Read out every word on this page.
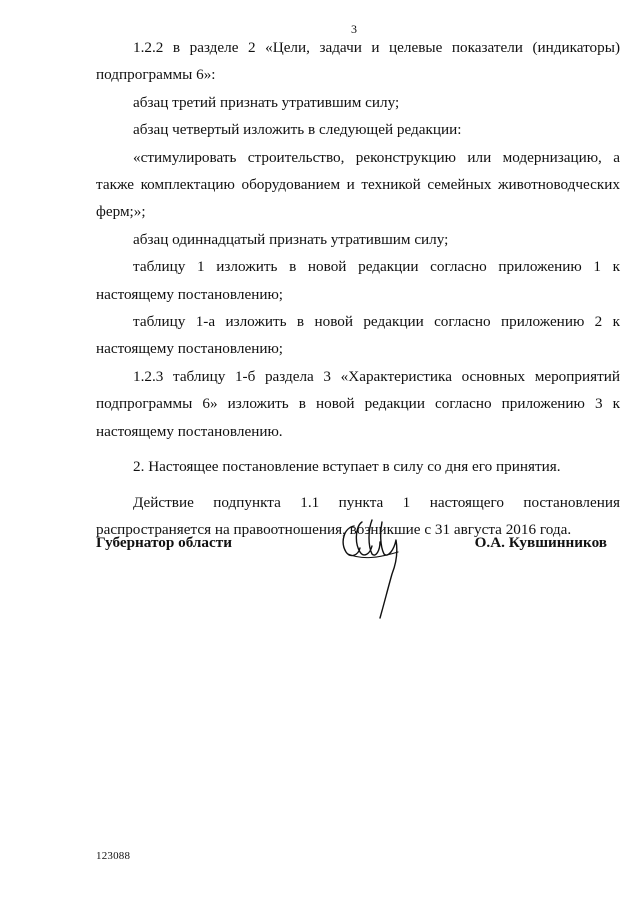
3

1.2.2 в разделе 2 «Цели, задачи и целевые показатели (индикаторы) подпрограммы 6»:

абзац третий признать утратившим силу;

абзац четвертый изложить в следующей редакции:

«стимулировать строительство, реконструкцию или модернизацию, а также комплектацию оборудованием и техникой семейных животноводческих ферм;»;

абзац одиннадцатый признать утратившим силу;

таблицу 1 изложить в новой редакции согласно приложению 1 к настоящему постановлению;

таблицу 1-а изложить в новой редакции согласно приложению 2 к настоящему постановлению;

1.2.3 таблицу 1-б раздела 3 «Характеристика основных мероприятий подпрограммы 6» изложить в новой редакции согласно приложению 3 к настоящему постановлению.

2. Настоящее постановление вступает в силу со дня его принятия.

Действие подпункта 1.1 пункта 1 настоящего постановления распространяется на правоотношения, возникшие с 31 августа 2016 года.

Губернатор области	О.А. Кувшинников
123088
